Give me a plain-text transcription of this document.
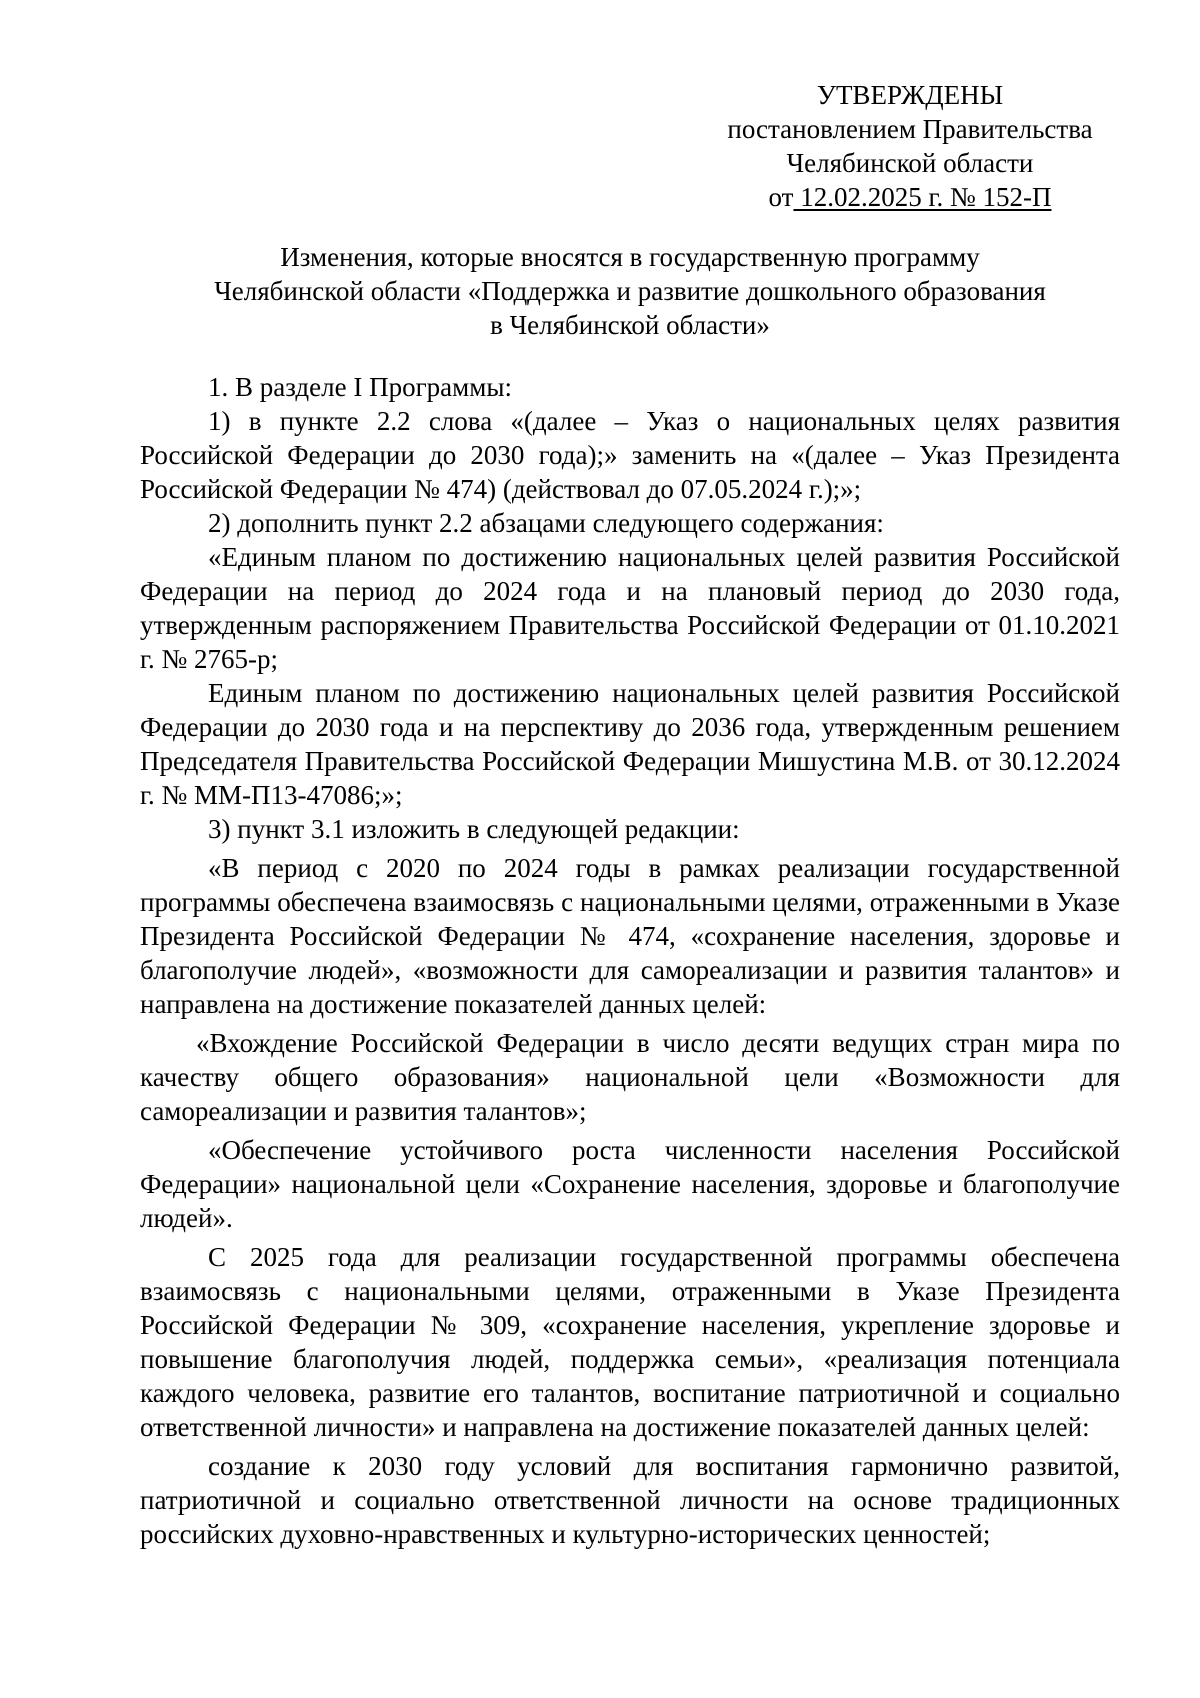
УТВЕРЖДЕНЫ
постановлением Правительства
Челябинской области
от 12.02.2025 г. № 152-П
Изменения, которые вносятся в государственную программу
Челябинской области «Поддержка и развитие дошкольного образования
в Челябинской области»

1. В разделе I Программы:

1) в пункте 2.2 слова «(далее – Указ о национальных целях развития Российской Федерации до 2030 года);» заменить на «(далее – Указ Президента Российской Федерации № 474) (действовал до 07.05.2024 г.);»;

2) дополнить пункт 2.2 абзацами следующего содержания:

«Единым планом по достижению национальных целей развития Российской Федерации на период до 2024 года и на плановый период до 2030 года, утвержденным распоряжением Правительства Российской Федерации от 01.10.2021 г. № 2765-р;

Единым планом по достижению национальных целей развития Российской Федерации до 2030 года и на перспективу до 2036 года, утвержденным решением Председателя Правительства Российской Федерации Мишустина М.В. от 30.12.2024 г. № ММ-П13-47086;»;

3) пункт 3.1 изложить в следующей редакции:

«В период с 2020 по 2024 годы в рамках реализации государственной программы обеспечена взаимосвязь с национальными целями, отраженными в Указе Президента Российской Федерации № 474, «сохранение населения, здоровье и благополучие людей», «возможности для самореализации и развития талантов» и направлена на достижение показателей данных целей:

«Вхождение Российской Федерации в число десяти ведущих стран мира по качеству общего образования» национальной цели «Возможности для самореализации и развития талантов»;

«Обеспечение устойчивого роста численности населения Российской Федерации» национальной цели «Сохранение населения, здоровье и благополучие людей».

С 2025 года для реализации государственной программы обеспечена взаимосвязь с национальными целями, отраженными в Указе Президента Российской Федерации № 309, «сохранение населения, укрепление здоровье и повышение благополучия людей, поддержка семьи», «реализация потенциала каждого человека, развитие его талантов, воспитание патриотичной и социально ответственной личности» и направлена на достижение показателей данных целей:

создание к 2030 году условий для воспитания гармонично развитой, патриотичной и социально ответственной личности на основе традиционных российских духовно-нравственных и культурно-исторических ценностей;
